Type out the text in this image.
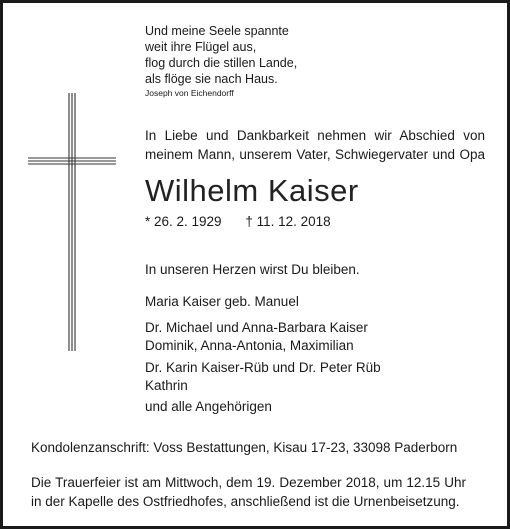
Und meine Seele spannte
weit ihre Flügel aus,
flog durch die stillen Lande,
als flöge sie nach Haus.
Joseph von Eichendorff
In Liebe und Dankbarkeit nehmen wir Abschied von meinem Mann, unserem Vater, Schwiegervater und Opa
Wilhelm Kaiser
* 26. 2. 1929 † 11. 12. 2018
In unseren Herzen wirst Du bleiben.
Maria Kaiser geb. Manuel
Dr. Michael und Anna-Barbara Kaiser
Dominik, Anna-Antonia, Maximilian
Dr. Karin Kaiser-Rüb und Dr. Peter Rüb
Kathrin
und alle Angehörigen
Kondolenzanschrift: Voss Bestattungen, Kisau 17-23, 33098 Paderborn
Die Trauerfeier ist am Mittwoch, dem 19. Dezember 2018, um 12.15 Uhr in der Kapelle des Ostfriedhofes, anschließend ist die Urnenbeisetzung.
